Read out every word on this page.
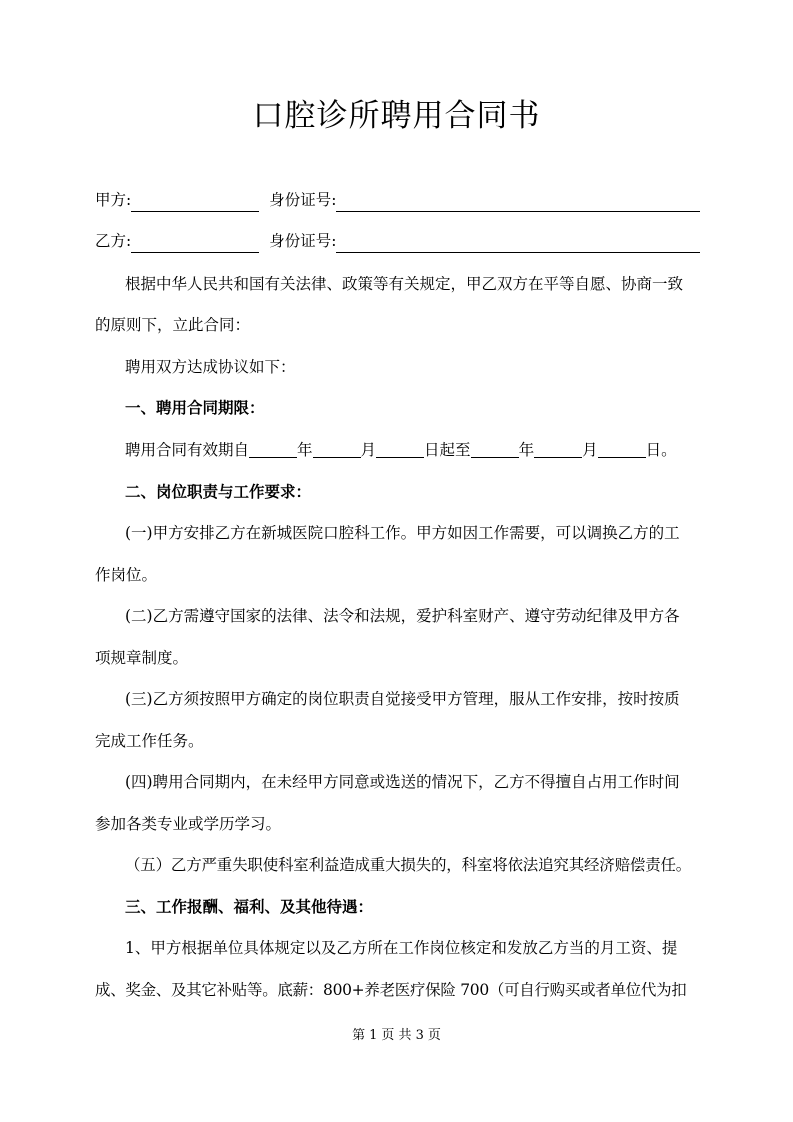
口腔诊所聘用合同书
甲方:	身份证号:
乙方:	身份证号:
根据中华人民共和国有关法律、政策等有关规定，甲乙双方在平等自愿、协商一致
的原则下，立此合同：
聘用双方达成协议如下：
一、聘用合同期限：
聘用合同有效期自	年	月	日起至	年	月	日。
二、岗位职责与工作要求：
(一)甲方安排乙方在新城医院口腔科工作。甲方如因工作需要，可以调换乙方的工
作岗位。
(二)乙方需遵守国家的法律、法令和法规，爱护科室财产、遵守劳动纪律及甲方各
项规章制度。
(三)乙方须按照甲方确定的岗位职责自觉接受甲方管理，服从工作安排，按时按质
完成工作任务。
(四)聘用合同期内，在未经甲方同意或选送的情况下，乙方不得擅自占用工作时间
参加各类专业或学历学习。
（五）乙方严重失职使科室利益造成重大损失的，科室将依法追究其经济赔偿责任。
三、工作报酬、福利、及其他待遇：
1、甲方根据单位具体规定以及乙方所在工作岗位核定和发放乙方当的月工资、提
成、奖金、及其它补贴等。底薪：800+养老医疗保险 700（可自行购买或者单位代为扣
第 1 页 共 3 页
